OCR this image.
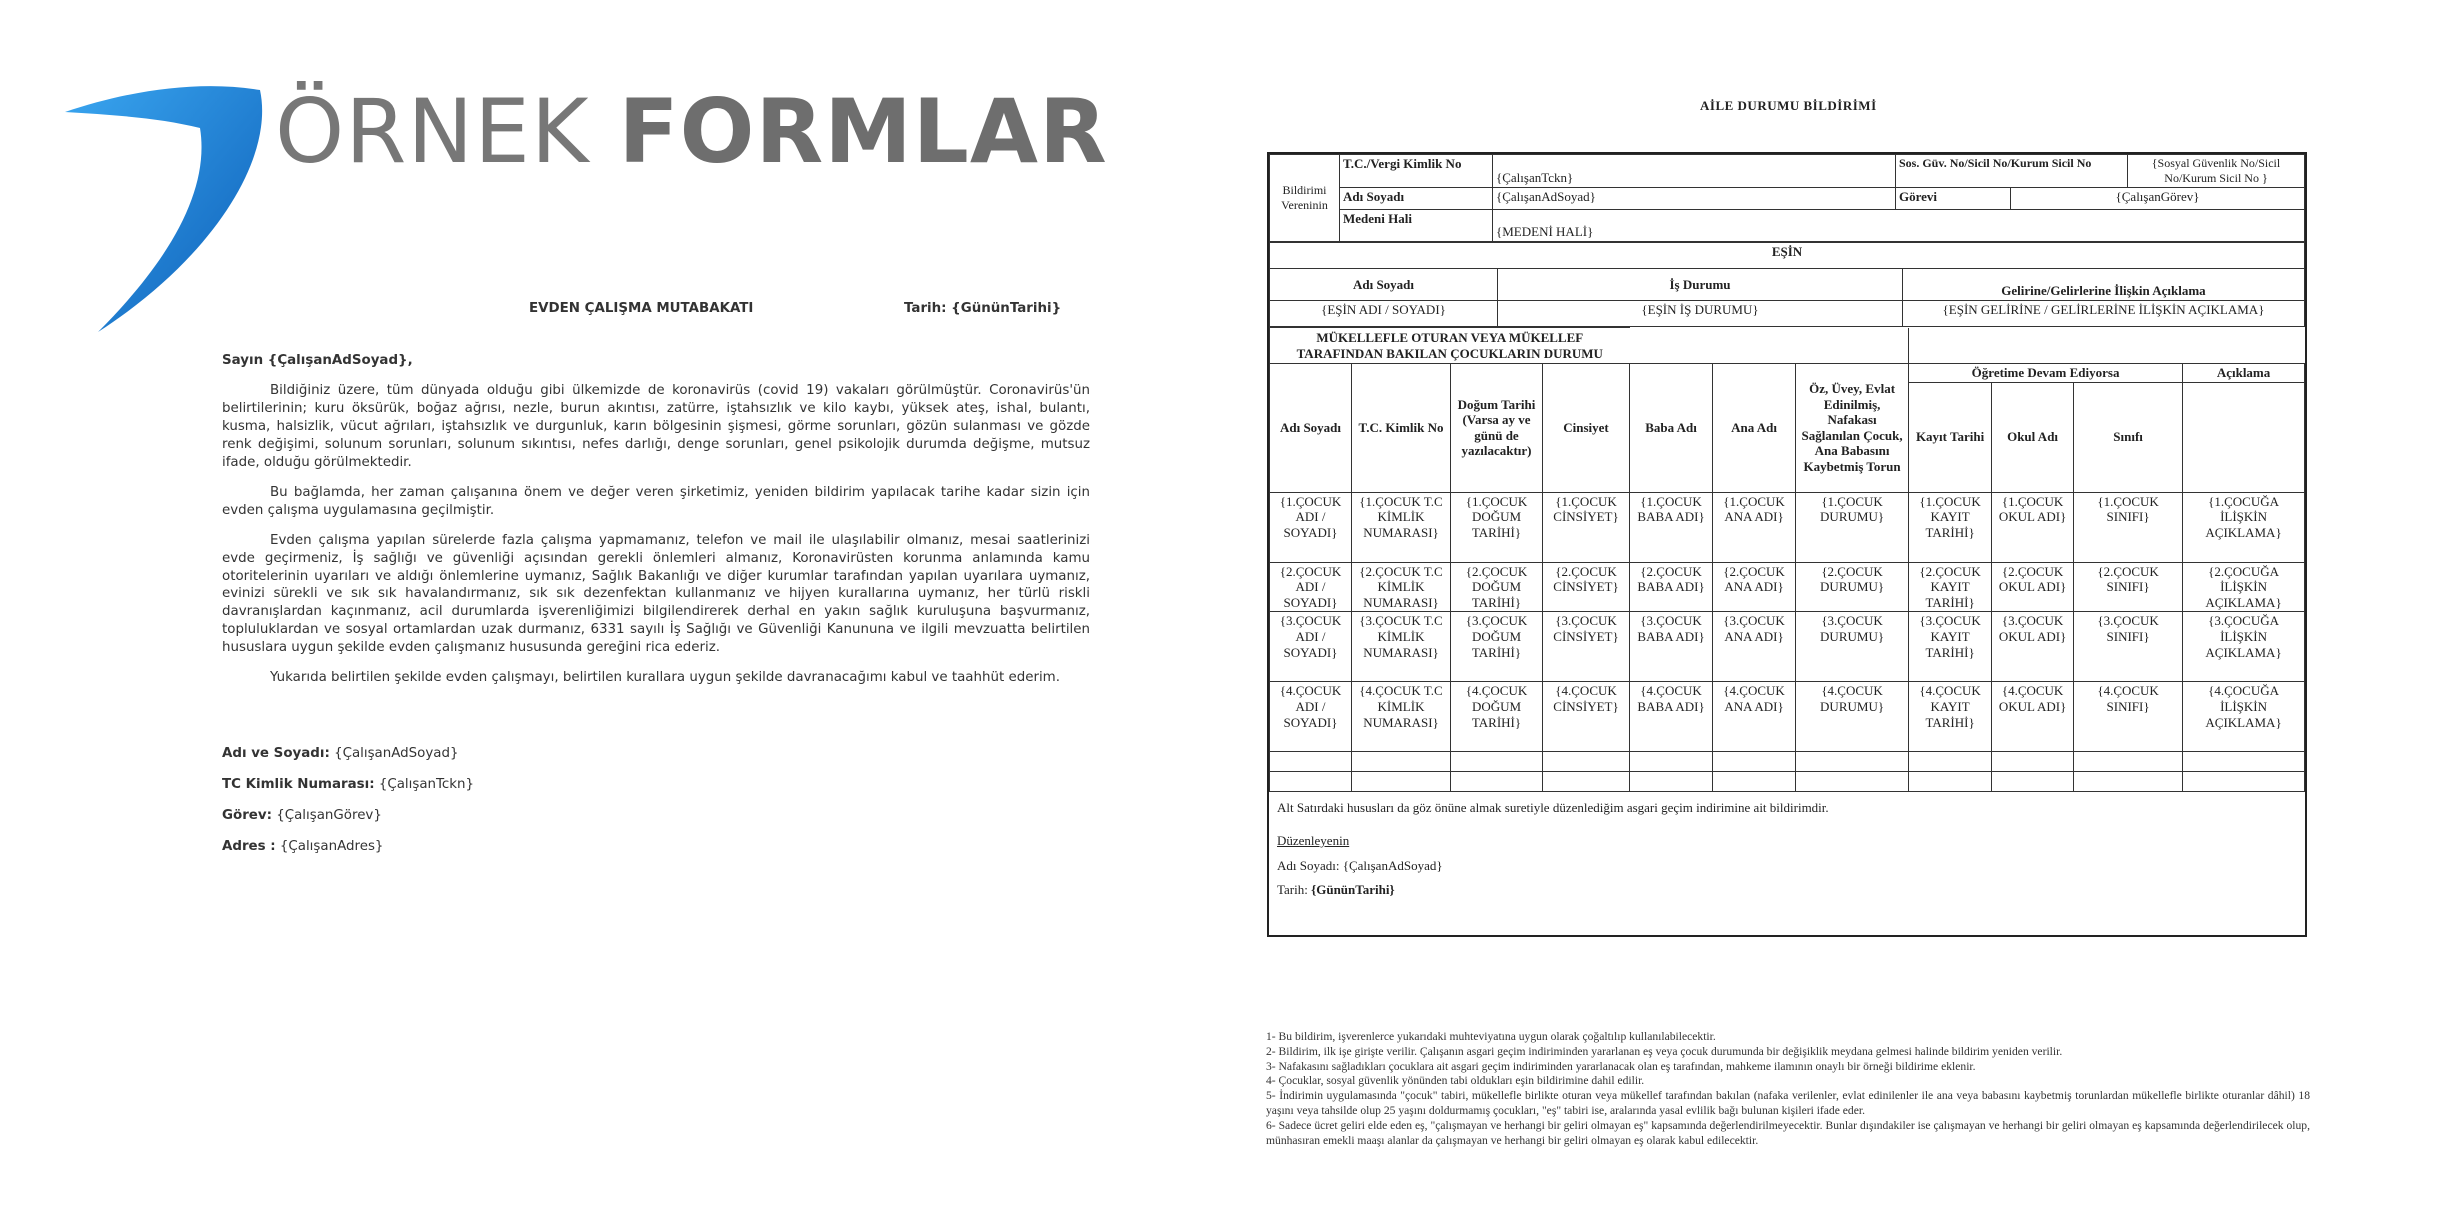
ÖRNEK FORMLAR
EVDEN ÇALIŞMA MUTABAKATI	Tarih: {GününTarihi}
Sayın {ÇalışanAdSoyad},

Bildiğiniz üzere, tüm dünyada olduğu gibi ülkemizde de koronavirüs (covid 19) vakaları görülmüştür. Coronavirüs'ün belirtilerinin; kuru öksürük, boğaz ağrısı, nezle, burun akıntısı, zatürre, iştahsızlık ve kilo kaybı, yüksek ateş, ishal, bulantı, kusma, halsizlik, vücut ağrıları, iştahsızlık ve durgunluk, karın bölgesinin şişmesi, görme sorunları, gözün sulanması ve gözde renk değişimi, solunum sorunları, solunum sıkıntısı, nefes darlığı, denge sorunları, genel psikolojik durumda değişme, mutsuz ifade, olduğu görülmektedir.

Bu bağlamda, her zaman çalışanına önem ve değer veren şirketimiz, yeniden bildirim yapılacak tarihe kadar sizin için evden çalışma uygulamasına geçilmiştir.

Evden çalışma yapılan sürelerde fazla çalışma yapmamanız, telefon ve mail ile ulaşılabilir olmanız, mesai saatlerinizi evde geçirmeniz, İş sağlığı ve güvenliği açısından gerekli önlemleri almanız, Koronavirüsten korunma anlamında kamu otoritelerinin uyarıları ve aldığı önlemlerine uymanız, Sağlık Bakanlığı ve diğer kurumlar tarafından yapılan uyarılara uymanız, evinizi sürekli ve sık sık havalandırmanız, sık sık dezenfektan kullanmanız ve hijyen kurallarına uymanız, her türlü riskli davranışlardan kaçınmanız, acil durumlarda işverenliğimizi bilgilendirerek derhal en yakın sağlık kuruluşuna başvurmanız, topluluklardan ve sosyal ortamlardan uzak durmanız, 6331 sayılı İş Sağlığı ve Güvenliği Kanununa ve ilgili mevzuatta belirtilen hususlara uygun şekilde evden çalışmanız hususunda gereğini rica ederiz.

Yukarıda belirtilen şekilde evden çalışmayı, belirtilen kurallara uygun şekilde davranacağımı kabul ve taahhüt ederim.

Adı ve Soyadı: {ÇalışanAdSoyad}
TC Kimlik Numarası: {ÇalışanTckn}
Görev: {ÇalışanGörev}
Adres : {ÇalışanAdres}
AİLE DURUMU BİLDİRİMİ
Bildirimi Vereninin	T.C./Vergi Kimlik No	{ÇalışanTckn}	Sos. Güv. No/Sicil No/Kurum Sicil No		{Sosyal Güvenlik No/Sicil No/Kurum Sicil No }
	Adı Soyadı	{ÇalışanAdSoyad}	Görevi	{ÇalışanGörev}	
	Medeni Hali	{MEDENİ HALİ}			
EŞİN		
Adı Soyadı	İş Durumu	Gelirine/Gelirlerine İlişkin Açıklama
{EŞİN ADI / SOYADI}	{EŞİN İŞ DURUMU}	{EŞİN GELİRİNE / GELİRLERİNE İLİŞKİN AÇIKLAMA}
MÜKELLEFLE OTURAN VEYA MÜKELLEF TARAFINDAN BAKILAN ÇOCUKLARIN DURUMU										
Adı Soyadı	T.C. Kimlik No	Doğum Tarihi (Varsa ay ve günü de yazılacaktır)	Cinsiyet	Baba Adı	Ana Adı	Öz, Üvey, Evlat Edinilmiş, Nafakası Sağlanılan Çocuk, Ana Babasını Kaybetmiş Torun	Öğretime Devam Ediyorsa			Açıklama
							Kayıt Tarihi	Okul Adı	Sınıfı	
{1.ÇOCUK ADI / SOYADI}	{1.ÇOCUK T.C KİMLİK NUMARASI}	{1.ÇOCUK DOĞUM TARİHİ}	{1.ÇOCUK CİNSİYET}	{1.ÇOCUK BABA ADI}	{1.ÇOCUK ANA ADI}	{1.ÇOCUK DURUMU}	{1.ÇOCUK KAYIT TARİHİ}	{1.ÇOCUK OKUL ADI}	{1.ÇOCUK SINIFI}	{1.ÇOCUĞA İLİŞKİN AÇIKLAMA}
{2.ÇOCUK ADI / SOYADI}	{2.ÇOCUK T.C KİMLİK NUMARASI}	{2.ÇOCUK DOĞUM TARİHİ}	{2.ÇOCUK CİNSİYET}	{2.ÇOCUK BABA ADI}	{2.ÇOCUK ANA ADI}	{2.ÇOCUK DURUMU}	{2.ÇOCUK KAYIT TARİHİ}	{2.ÇOCUK OKUL ADI}	{2.ÇOCUK SINIFI}	{2.ÇOCUĞA İLİŞKİN AÇIKLAMA}
{3.ÇOCUK ADI / SOYADI}	{3.ÇOCUK T.C KİMLİK NUMARASI}	{3.ÇOCUK DOĞUM TARİHİ}	{3.ÇOCUK CİNSİYET}	{3.ÇOCUK BABA ADI}	{3.ÇOCUK ANA ADI}	{3.ÇOCUK DURUMU}	{3.ÇOCUK KAYIT TARİHİ}	{3.ÇOCUK OKUL ADI}	{3.ÇOCUK SINIFI}	{3.ÇOCUĞA İLİŞKİN AÇIKLAMA}
{4.ÇOCUK ADI / SOYADI}	{4.ÇOCUK T.C KİMLİK NUMARASI}	{4.ÇOCUK DOĞUM TARİHİ}	{4.ÇOCUK CİNSİYET}	{4.ÇOCUK BABA ADI}	{4.ÇOCUK ANA ADI}	{4.ÇOCUK DURUMU}	{4.ÇOCUK KAYIT TARİHİ}	{4.ÇOCUK OKUL ADI}	{4.ÇOCUK SINIFI}	{4.ÇOCUĞA İLİŞKİN AÇIKLAMA}

Alt Satırdaki hususları da göz önüne almak suretiyle düzenlediğim asgari geçim indirimine ait bildirimdir.
Düzenleyenin
Adı Soyadı: {ÇalışanAdSoyad}
Tarih: {GününTarihi}
1- Bu bildirim, işverenlerce yukarıdaki muhteviyatına uygun olarak çoğaltılıp kullanılabilecektir.
2- Bildirim, ilk işe girişte verilir. Çalışanın asgari geçim indiriminden yararlanan eş veya çocuk durumunda bir değişiklik meydana gelmesi halinde bildirim yeniden verilir.
3- Nafakasını sağladıkları çocuklara ait asgari geçim indiriminden yararlanacak olan eş tarafından, mahkeme ilamının onaylı bir örneği bildirime eklenir.
4- Çocuklar, sosyal güvenlik yönünden tabi oldukları eşin bildirimine dahil edilir.
5- İndirimin uygulamasında "çocuk" tabiri, mükellefle birlikte oturan veya mükellef tarafından bakılan (nafaka verilenler, evlat edinilenler ile ana veya babasını kaybetmiş torunlardan mükellefle birlikte oturanlar dâhil) 18 yaşını veya tahsilde olup 25 yaşını doldurmamış çocukları, "eş" tabiri ise, aralarında yasal evlilik bağı bulunan kişileri ifade eder.
6- Sadece ücret geliri elde eden eş, "çalışmayan ve herhangi bir geliri olmayan eş" kapsamında değerlendirilmeyecektir. Bunlar dışındakiler ise çalışmayan ve herhangi bir geliri olmayan eş kapsamında değerlendirilecek olup, münhasıran emekli maaşı alanlar da çalışmayan ve herhangi bir geliri olmayan eş olarak kabul edilecektir.
